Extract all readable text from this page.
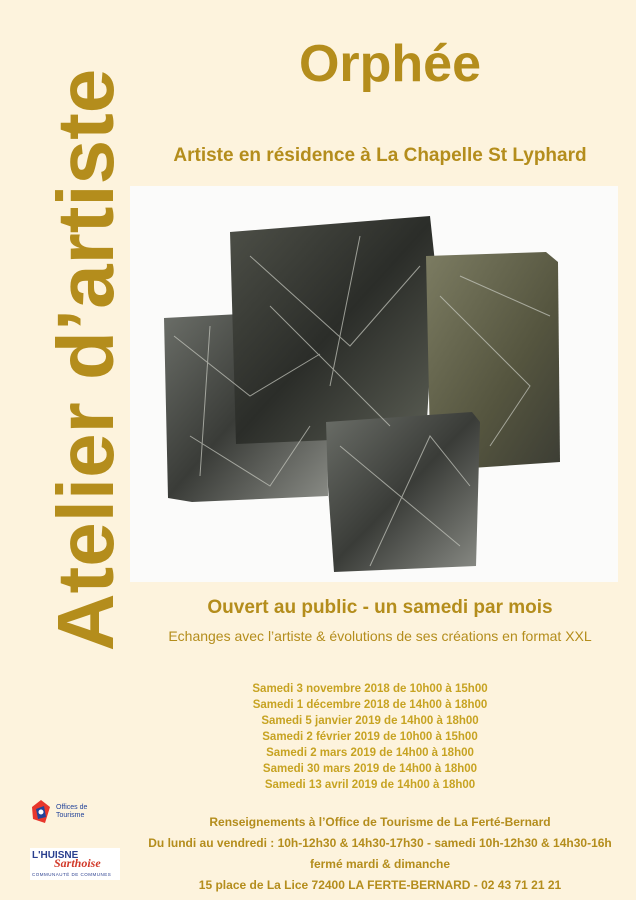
Atelier d’artiste
Orphée

Artiste en résidence à La Chapelle St Lyphard

Ouvert au public - un samedi par mois

Echanges avec l’artiste & évolutions de ses créations en format XXL

Samedi 3 novembre 2018 de 10h00 à 15h00
Samedi 1 décembre 2018 de 14h00 à 18h00
Samedi 5 janvier 2019 de 14h00 à 18h00
Samedi 2 février 2019 de 10h00 à 15h00
Samedi 2 mars 2019 de 14h00 à 18h00
Samedi 30 mars 2019 de 14h00 à 18h00
Samedi 13 avril 2019 de 14h00 à 18h00
Renseignements à l’Office de Tourisme de La Ferté-Bernard
Du lundi au vendredi : 10h-12h30 & 14h30-17h30 - samedi 10h-12h30 & 14h30-16h
fermé mardi & dimanche
15 place de La Lice 72400 LA FERTE-BERNARD - 02 43 71 21 21
Offices de
Tourisme
L'HUISNE
Sarthoise
COMMUNAUTÉ DE COMMUNES
